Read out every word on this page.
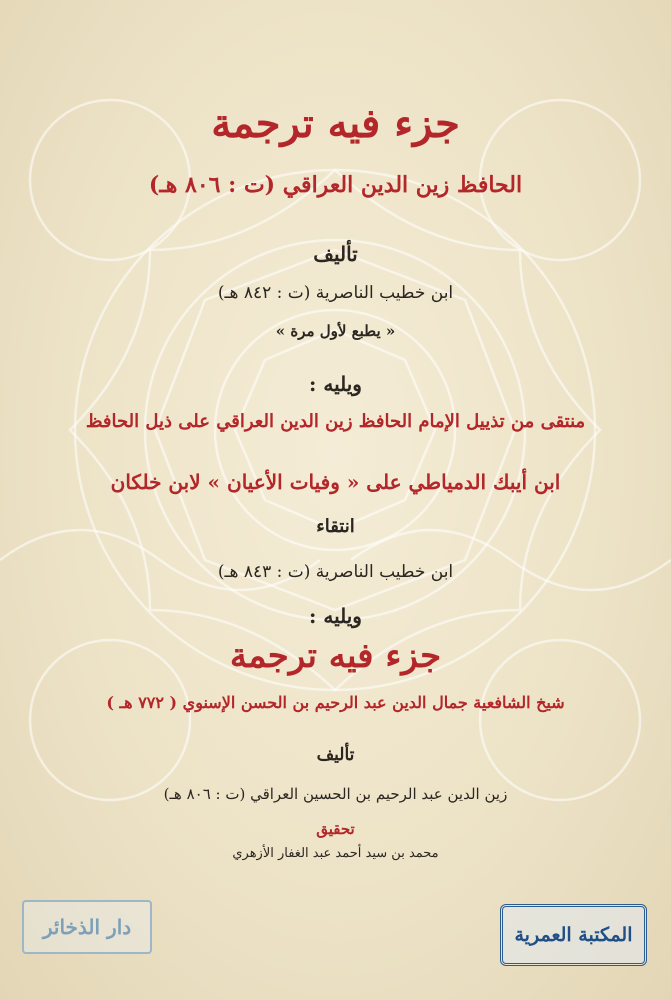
جزء فيه ترجمة
الحافظ زين الدين العراقي (ت : ٨٠٦ هـ)
تأليف
ابن خطيب الناصرية (ت : ٨٤٢ هـ)
« يطبع لأول مرة »
ويليه :
منتقى من تذييل الإمام الحافظ زين الدين العراقي على ذيل الحافظ
ابن أيبك الدمياطي على « وفيات الأعيان » لابن خلكان
انتقاء
ابن خطيب الناصرية (ت : ٨٤٣ هـ)
ويليه :
جزء فيه ترجمة
شيخ الشافعية جمال الدين عبد الرحيم بن الحسن الإسنوي ( ٧٧٢ هـ )
تأليف
زين الدين عبد الرحيم بن الحسين العراقي (ت : ٨٠٦ هـ)
تحقيق
محمد بن سيد أحمد عبد الغفار الأزهري
دار الذخائر	المكتبة العمرية
